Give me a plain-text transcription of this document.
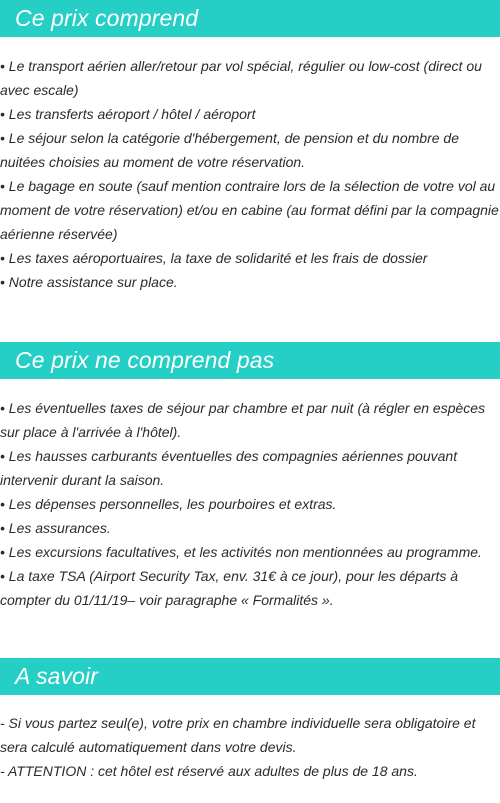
Ce prix comprend

• Le transport aérien aller/retour par vol spécial, régulier ou low-cost (direct ou avec escale)

• Les transferts aéroport / hôtel / aéroport

• Le séjour selon la catégorie d'hébergement, de pension et du nombre de nuitées choisies au moment de votre réservation.

• Le bagage en soute (sauf mention contraire lors de la sélection de votre vol au moment de votre réservation) et/ou en cabine (au format défini par la compagnie aérienne réservée)

• Les taxes aéroportuaires, la taxe de solidarité et les frais de dossier

• Notre assistance sur place.

Ce prix ne comprend pas

• Les éventuelles taxes de séjour par chambre et par nuit (à régler en espèces sur place à l'arrivée à l'hôtel).

• Les hausses carburants éventuelles des compagnies aériennes pouvant intervenir durant la saison.

• Les dépenses personnelles, les pourboires et extras.

• Les assurances.

• Les excursions facultatives, et les activités non mentionnées au programme.

• La taxe TSA (Airport Security Tax, env. 31€ à ce jour), pour les départs à compter du 01/11/19– voir paragraphe « Formalités ».

A savoir

- Si vous partez seul(e), votre prix en chambre individuelle sera obligatoire et sera calculé automatiquement dans votre devis.

- ATTENTION : cet hôtel est réservé aux adultes de plus de 18 ans.
